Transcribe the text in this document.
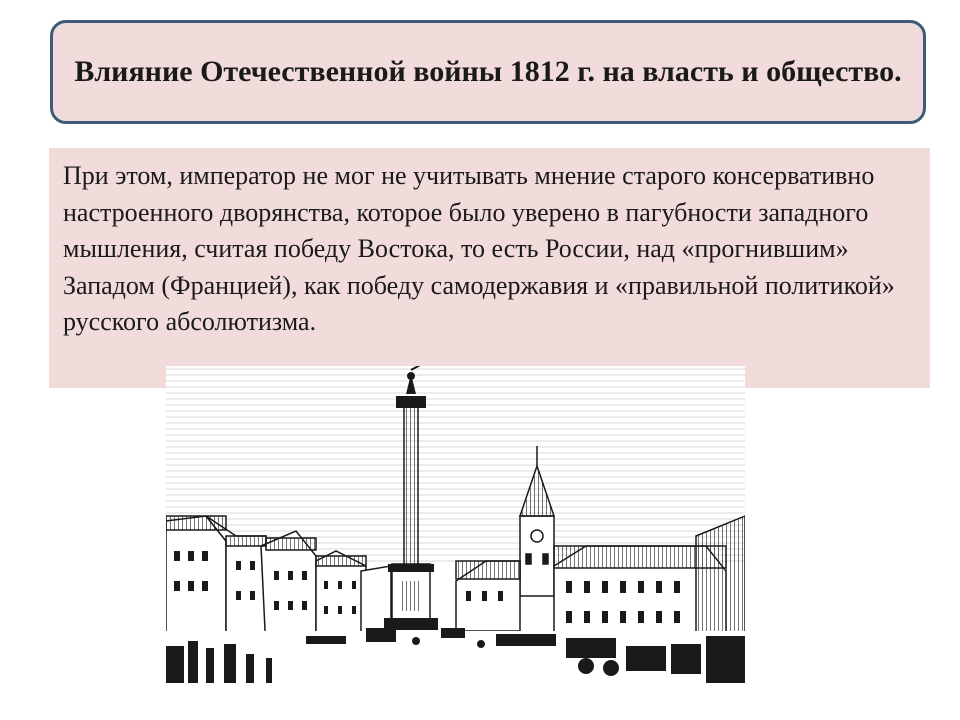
Влияние Отечественной войны 1812 г. на власть и общество.

При этом, император не мог не учитывать мнение старого консервативно настроенного дворянства, которое было уверено в пагубности западного мышления, считая победу Востока, то есть России, над «прогнившим» Западом (Францией), как победу самодержавия и «правильной политикой» русского абсолютизма.
